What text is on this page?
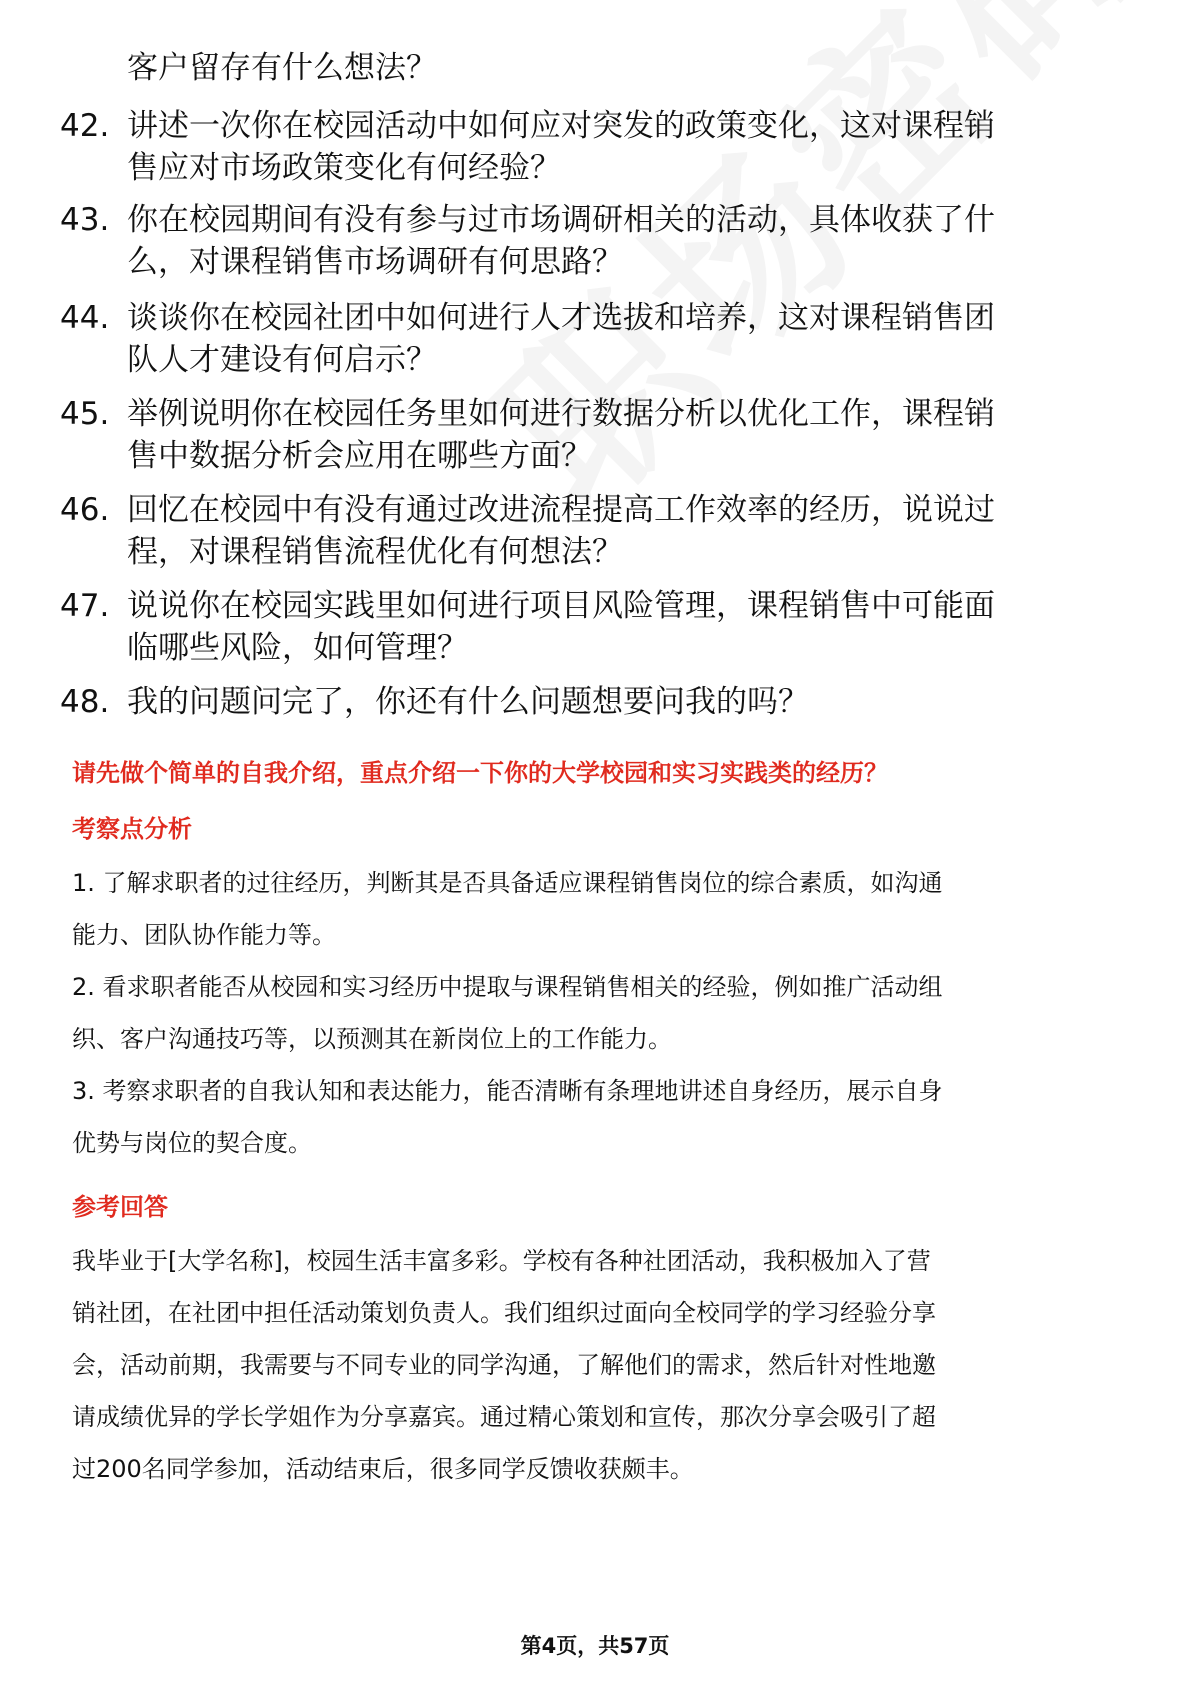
客户留存有什么想法？
42. 讲述一次你在校园活动中如何应对突发的政策变化，这对课程销
售应对市场政策变化有何经验？
43. 你在校园期间有没有参与过市场调研相关的活动，具体收获了什
么，对课程销售市场调研有何思路？
44. 谈谈你在校园社团中如何进行人才选拔和培养，这对课程销售团
队人才建设有何启示？
45. 举例说明你在校园任务里如何进行数据分析以优化工作，课程销
售中数据分析会应用在哪些方面？
46. 回忆在校园中有没有通过改进流程提高工作效率的经历，说说过
程，对课程销售流程优化有何想法？
47. 说说你在校园实践里如何进行项目风险管理，课程销售中可能面
临哪些风险，如何管理？
48. 我的问题问完了，你还有什么问题想要问我的吗？
请先做个简单的自我介绍，重点介绍一下你的大学校园和实习实践类的经历？
考察点分析
1. 了解求职者的过往经历，判断其是否具备适应课程销售岗位的综合素质，如沟通
能力、团队协作能力等。
2. 看求职者能否从校园和实习经历中提取与课程销售相关的经验，例如推广活动组
织、客户沟通技巧等，以预测其在新岗位上的工作能力。
3. 考察求职者的自我认知和表达能力，能否清晰有条理地讲述自身经历，展示自身
优势与岗位的契合度。
参考回答
我毕业于[大学名称]，校园生活丰富多彩。学校有各种社团活动，我积极加入了营
销社团，在社团中担任活动策划负责人。我们组织过面向全校同学的学习经验分享
会，活动前期，我需要与不同专业的同学沟通，了解他们的需求，然后针对性地邀
请成绩优异的学长学姐作为分享嘉宾。通过精心策划和宣传，那次分享会吸引了超
过200名同学参加，活动结束后，很多同学反馈收获颇丰。
第4页，共57页
